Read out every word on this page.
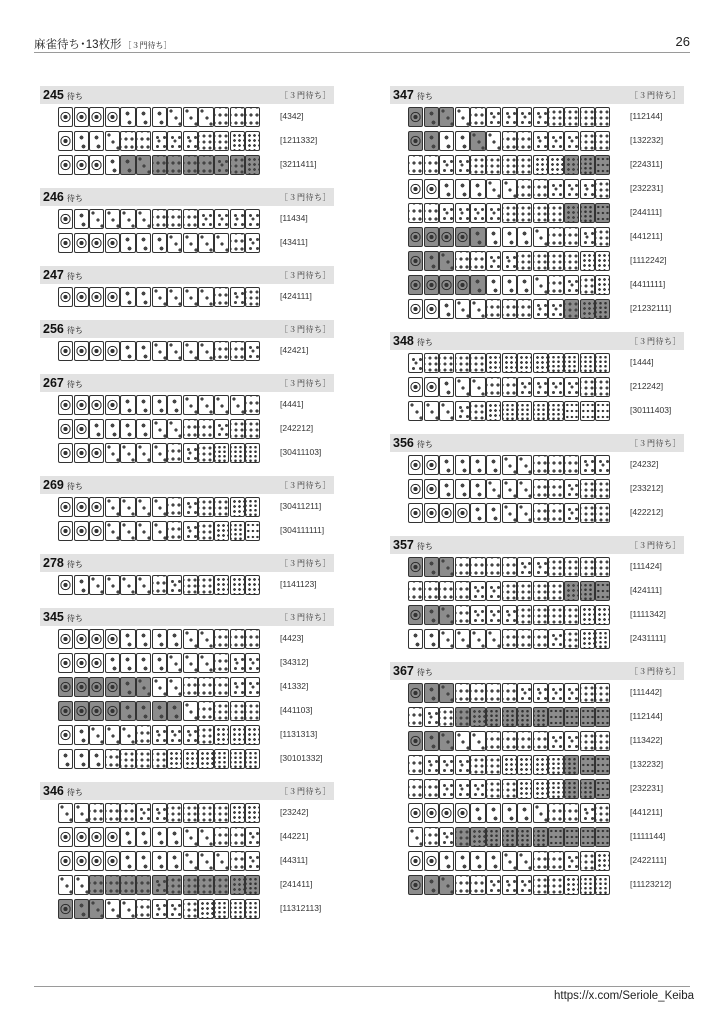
麻雀待ち･13枚形 ［３門待ち］	26
245 待ち	［３門待ち］
[4342]
[1211332]
[3211411]
246 待ち	［３門待ち］
[11434]
[43411]
247 待ち	［３門待ち］
[424111]
256 待ち	［３門待ち］
[42421]
267 待ち	［３門待ち］
[4441]
[242212]
[30411103]
269 待ち	［３門待ち］
[30411211]
[304111111]
278 待ち	［３門待ち］
[1141123]
345 待ち	［３門待ち］
[4423]
[34312]
[41332]
[441103]
[1131313]
[30101332]
346 待ち	［３門待ち］
[23242]
[44221]
[44311]
[241411]
[11312113]
347 待ち	［３門待ち］
[112144]
[132232]
[224311]
[232231]
[244111]
[441211]
[1112242]
[4411111]
[21232111]
348 待ち	［３門待ち］
[1444]
[212242]
[30111403]
356 待ち	［３門待ち］
[24232]
[233212]
[422212]
357 待ち	［３門待ち］
[111424]
[424111]
[1111342]
[2431111]
367 待ち	［３門待ち］
[111442]
[112144]
[113422]
[132232]
[232231]
[441211]
[1111144]
[2422111]
[11123212]
https://x.com/Seriole_Keiba
